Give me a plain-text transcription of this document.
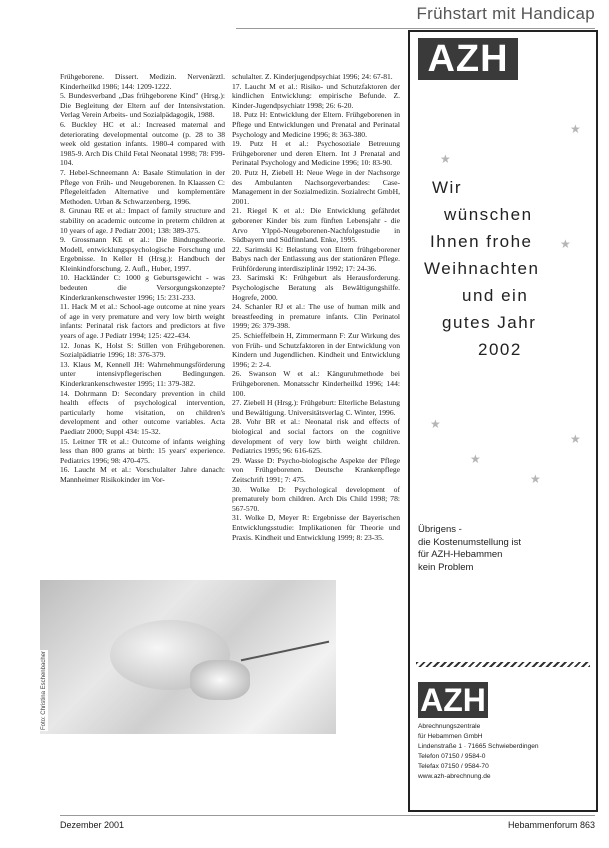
Frühstart mit Handicap

Frühgeborene. Dissert. Medizin. Nervenärztl. Kinderheilkd 1986; 144: 1209-1222.

5. Bundesverband „Das frühgeborene Kind" (Hrsg.): Die Begleitung der Eltern auf der Intensivstation. Verlag Verein Arbeits- und Sozialpädagogik, 1988.

6. Buckley HC et al.: Increased maternal and deteriorating developmental outcome (p. 28 to 38 week old gestation infants. 1980-4 compared with 1985-9. Arch Dis Child Fetal Neonatal 1998; 78: F99-104.

7. Hebel-Schneemann A: Basale Stimulation in der Pflege von Früh- und Neugeborenen. In Klaassen C: Pflegeleitfaden Alternative und komplementäre Methoden. Urban & Schwarzenberg, 1996.

8. Grunau RE et al.: Impact of family structure and stability on academic outcome in preterm children at 10 years of age. J Pediatr 2001; 138: 389-375.

9. Grossmann KE et al.: Die Bindungstheorie. Modell, entwicklungspsychologische Forschung und Ergebnisse. In Keller H (Hrsg.): Handbuch der Kleinkindforschung. 2. Aufl., Huber, 1997.

10. Hackländer C: 1000 g Geburtsgewicht - was bedeuten die Versorgungskonzepte? Kinderkrankenschwester 1996; 15: 231-233.

11. Hack M et al.: School-age outcome at nine years of age in very premature and very low birth weight infants: Perinatal risk factors and predictors at five years of age. J Pediatr 1994; 125: 422-434.

12. Jonas K, Holst S: Stillen von Frühgeborenen. Sozialpädiatrie 1996; 18: 376-379.

13. Klaus M, Kennell JH: Wahrnehmungsförderung unter intensivpflegerischen Bedingungen. Kinderkrankenschwester 1995; 11: 379-382.

14. Dohrmann D: Secondary prevention in child health effects of psychological intervention, particularly home visitation, on children's development and other outcome variables. Acta Paediatr 2000; Suppl 434: 15-32.

15. Leitner TR et al.: Outcome of infants weighing less than 800 grams at birth: 15 years' experience. Pediatrics 1996; 98: 470-475.

16. Laucht M et al.: Vorschulalter Jahre danach: Mannheimer Risikokinder im Vor-

schulalter. Z. Kinderjugendpsychiat 1996; 24: 67-81.

17. Laucht M et al.: Risiko- und Schutzfaktoren der kindlichen Entwicklung: empirische Befunde. Z. Kinder-Jugendpsychiatr 1998; 26: 6-20.

18. Putz H: Entwicklung der Eltern. Frühgeborenen in Pflege und Entwicklungen und Prenatal and Perinatal Psychology and Medicine 1996; 8: 363-380.

19. Putz H et al.: Psychosoziale Betreuung Frühgeborener und deren Eltern. Int J Prenatal and Perinatal Psychology and Medicine 1996; 10: 83-90.

20. Putz H, Ziebell H: Neue Wege in der Nachsorge des Ambulanten Nachsorgeverbandes: Case-Management in der Sozialmedizin. Sozialrecht GmbH, 2001.

21. Riegel K et al.: Die Entwicklung gefährdet geborener Kinder bis zum fünften Lebensjahr - die Arvo Ylppö-Neugeborenen-Nachfolgestudie in Südbayern und Südfinnland. Enke, 1995.

22. Sarimski K: Belastung von Eltern frühgeborener Babys nach der Entlassung aus der stationären Pflege. Frühförderung interdisziplinär 1992; 17: 24-36.

23. Sarimski K: Frühgeburt als Herausforderung. Psychologische Beratung als Bewältigungshilfe. Hogrefe, 2000.

24. Schanler RJ et al.: The use of human milk and breastfeeding in premature infants. Clin Perinatol 1999; 26: 379-398.

25. Schieffelbein H, Zimmermann F: Zur Wirkung des von Früh- und Schutzfaktoren in der Entwicklung von Kindern und Jugendlichen. Kindheit und Entwicklung 1996; 2: 2-4.

26. Swanson W et al.: Känguruhmethode bei Frühgeborenen. Monatsschr Kinderheilkd 1996; 144: 100.

27. Ziebell H (Hrsg.): Frühgeburt: Elterliche Belastung und Bewältigung. Universitätsverlag C. Winter, 1996.

28. Vohr BR et al.: Neonatal risk and effects of biological and social factors on the cognitive development of very low birth weight children. Pediatrics 1995; 96: 616-625.

29. Wasse D: Psycho-biologische Aspekte der Pflege von Frühgeborenen. Deutsche Krankenpflege Zeitschrift 1991; 7: 475.

30. Wolke D: Psychological development of prematurely born children. Arch Dis Child 1998; 78: 567-570.

31. Wolke D, Meyer R: Ergebnisse der Bayerischen Entwicklungsstudie: Implikationen für Theorie und Praxis. Kindheit und Entwicklung 1999; 8: 23-35.

Foto: Christina Eschenbacher
Dezember 2001	Hebammenforum 863
AZH
★
★
★
★
★
★
★
Wir
wünschen
Ihnen frohe
Weihnachten
und ein
gutes Jahr
2002
Übrigens -
die Kostenumstellung ist
für AZH-Hebammen
kein Problem
AZH
Abrechnungszentrale
für Hebammen GmbH
Lindenstraße 1 · 71665 Schwieberdingen
Telefon 07150 / 9584-0
Telefax 07150 / 9584-70
www.azh-abrechnung.de
